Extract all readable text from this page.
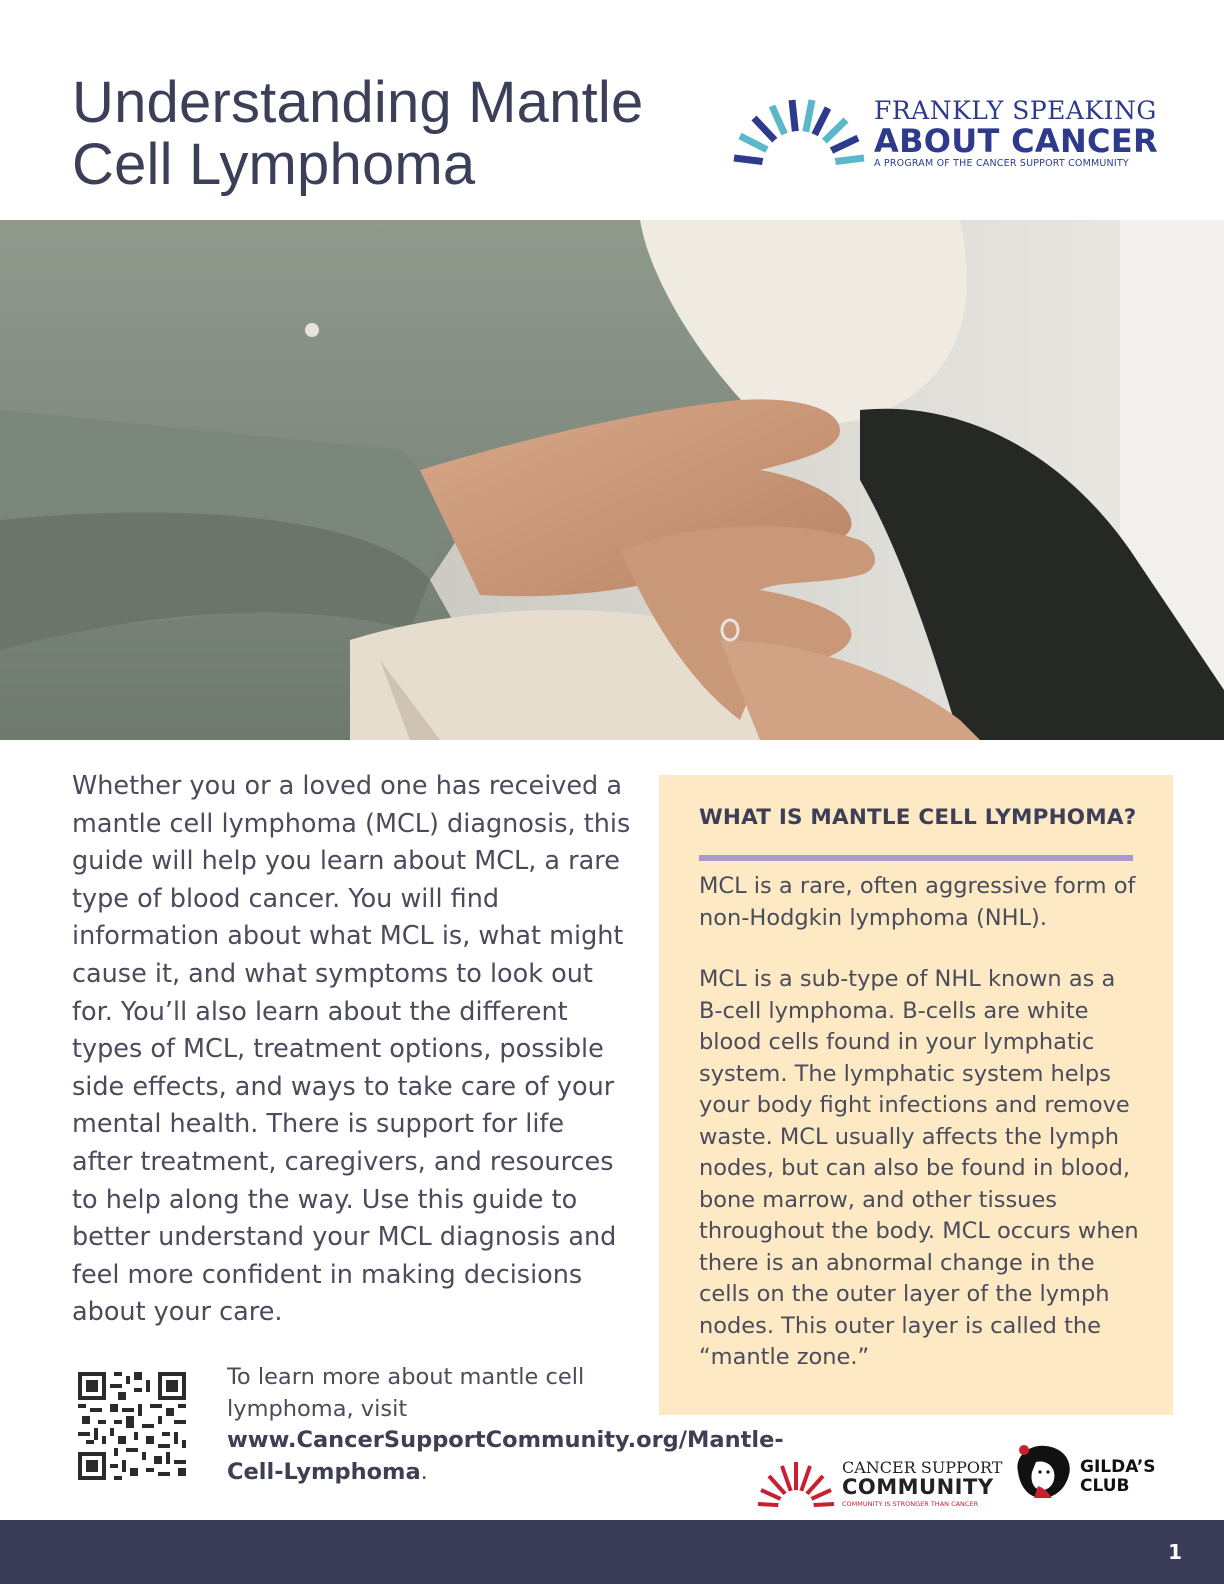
Understanding Mantle
Cell Lymphoma
FRANKLY SPEAKING
ABOUT CANCER
A PROGRAM OF THE CANCER SUPPORT COMMUNITY

Whether you or a loved one has received a mantle cell lymphoma (MCL) diagnosis, this guide will help you learn about MCL, a rare type of blood cancer. You will find information about what MCL is, what might cause it, and what symptoms to look out for. You’ll also learn about the different types of MCL, treatment options, possible side effects, and ways to take care of your mental health. There is support for life after treatment, caregivers, and resources to help along the way. Use this guide to better understand your MCL diagnosis and feel more confident in making decisions about your care.

To learn more about mantle cell lymphoma, visit www.CancerSupportCommunity.org/Mantle-Cell-Lymphoma.

WHAT IS MANTLE CELL LYMPHOMA?

MCL is a rare, often aggressive form of non-Hodgkin lymphoma (NHL).

MCL is a sub-type of NHL known as a B-cell lymphoma. B-cells are white blood cells found in your lymphatic system. The lymphatic system helps your body fight infections and remove waste. MCL usually affects the lymph nodes, but can also be found in blood, bone marrow, and other tissues throughout the body. MCL occurs when there is an abnormal change in the cells on the outer layer of the lymph nodes. This outer layer is called the “mantle zone.”

CANCER SUPPORT
COMMUNITY
COMMUNITY IS STRONGER THAN CANCER
GILDA’S
CLUB
1
